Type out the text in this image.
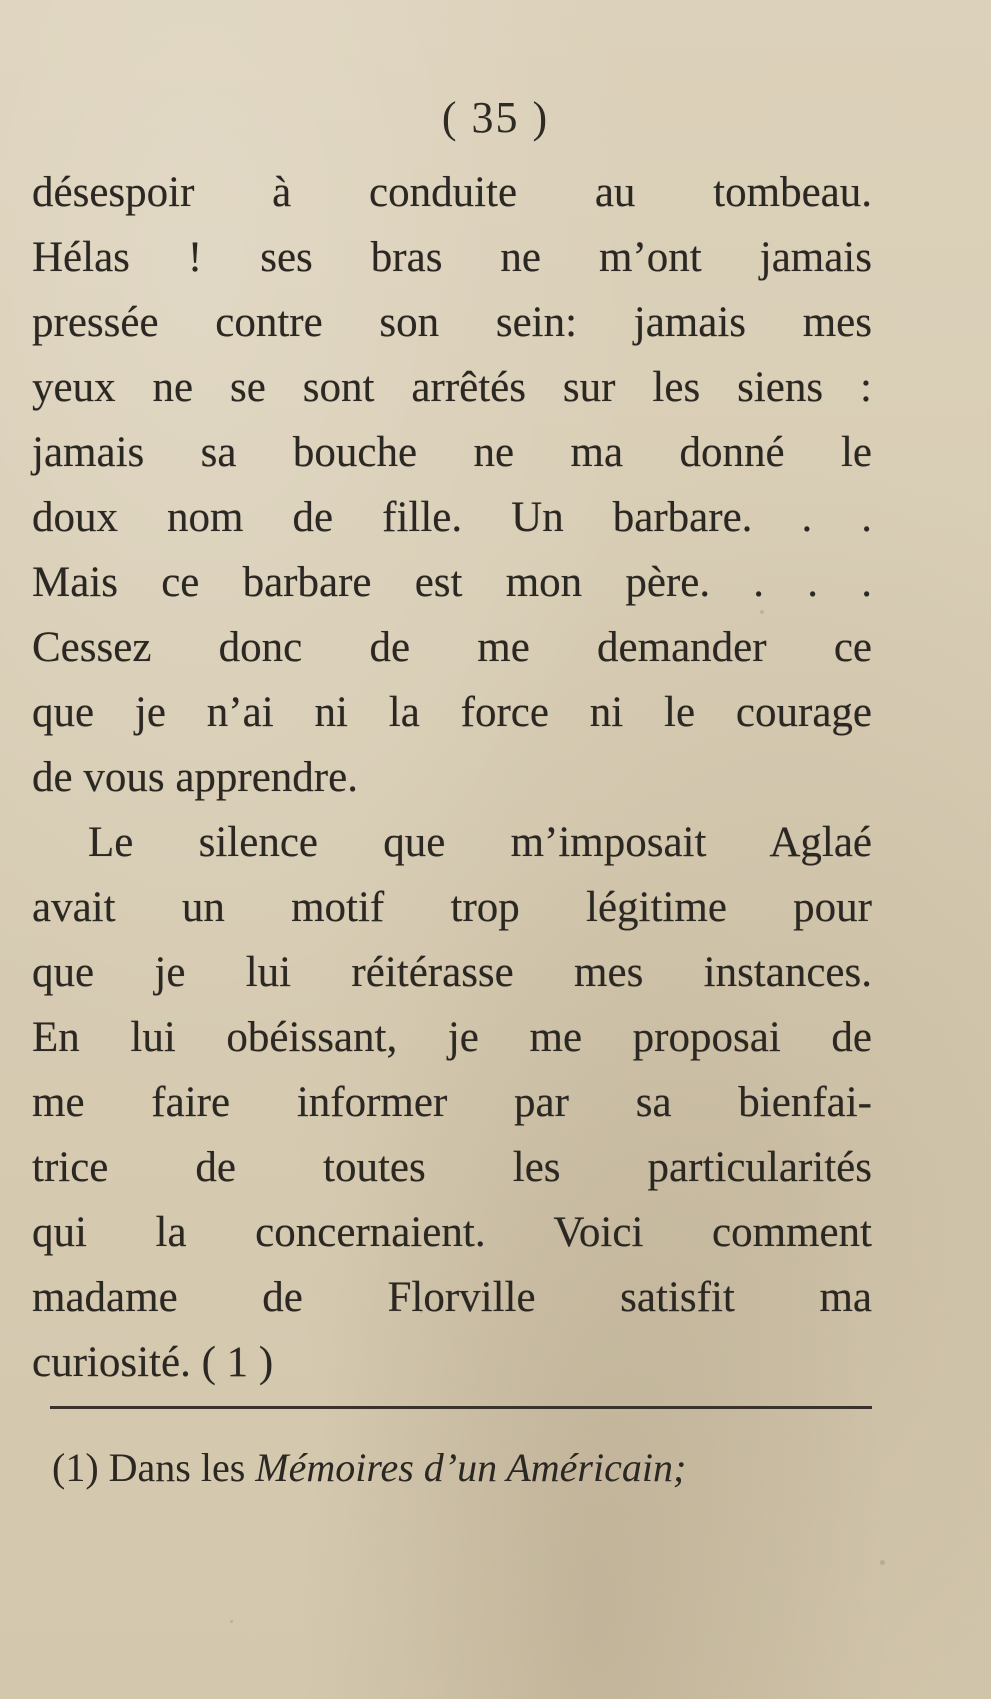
( 35 )
désespoir à conduite au tombeau.
Hélas ! ses bras ne m’ont jamais
pressée contre son sein: jamais mes
yeux ne se sont arrêtés sur les siens :
jamais sa bouche ne ma donné le
doux nom de fille. Un barbare. . .
Mais ce barbare est mon père. . . .
Cessez donc de me demander ce
que je n’ai ni la force ni le courage
de vous apprendre.
Le silence que m’imposait Aglaé
avait un motif trop légitime pour
que je lui réitérasse mes instances.
En lui obéissant, je me proposai de
me faire informer par sa bienfai-
trice de toutes les particularités
qui la concernaient. Voici comment
madame de Florville satisfit ma
curiosité. ( 1 )
(1) Dans les Mémoires d’un Américain;
